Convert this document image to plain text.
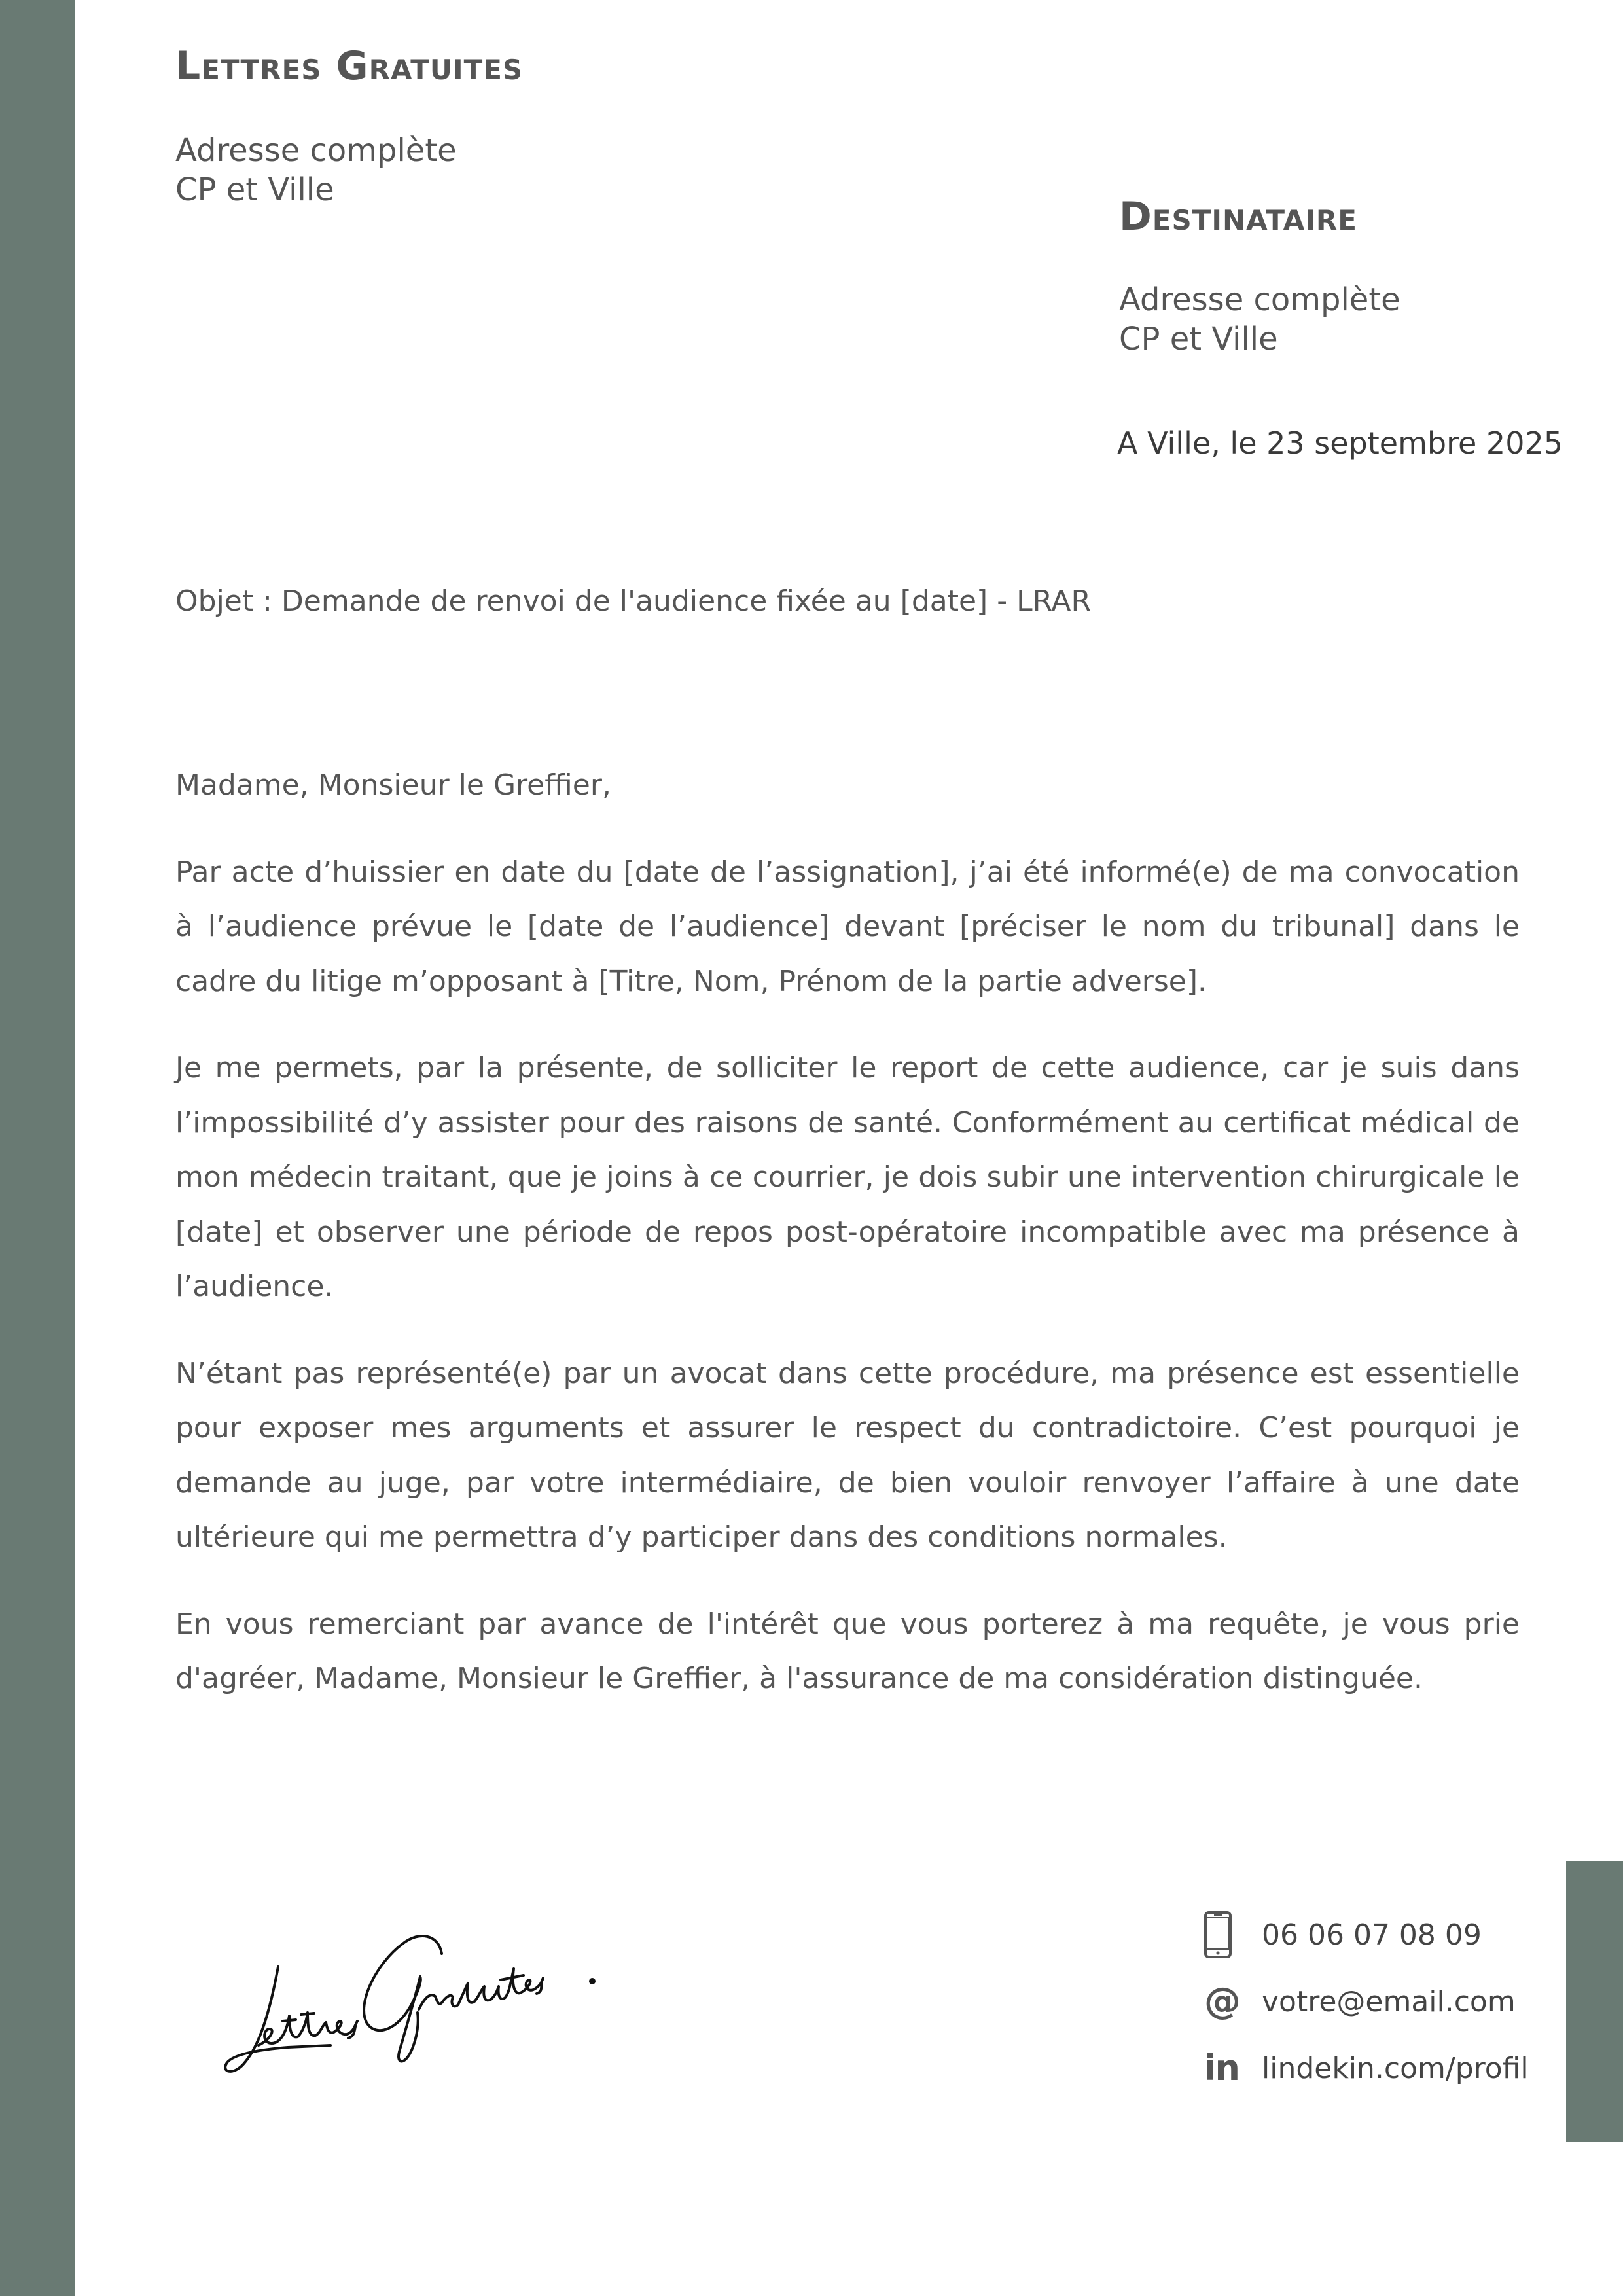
Lettres Gratuites
Adresse complète
CP et Ville
Destinataire
Adresse complète
CP et Ville
A Ville, le 23 septembre 2025
Objet : Demande de renvoi de l'audience fixée au [date] - LRAR

Madame, Monsieur le Greffier,

Par acte d’huissier en date du [date de l’assignation], j’ai été informé(e) de ma convocation à l’audience prévue le [date de l’audience] devant [préciser le nom du tribunal] dans le cadre du litige m’opposant à [Titre, Nom, Prénom de la partie adverse].

Je me permets, par la présente, de solliciter le report de cette audience, car je suis dans l’impossibilité d’y assister pour des raisons de santé. Conformément au certificat médical de mon médecin traitant, que je joins à ce courrier, je dois subir une intervention chirurgicale le [date] et observer une période de repos post-opératoire incompatible avec ma présence à l’audience.

N’étant pas représenté(e) par un avocat dans cette procédure, ma présence est essentielle pour exposer mes arguments et assurer le respect du contradictoire. C’est pourquoi je demande au juge, par votre intermédiaire, de bien vouloir renvoyer l’affaire à une date ultérieure qui me permettra d’y participer dans des conditions normales.

En vous remerciant par avance de l'intérêt que vous porterez à ma requête, je vous prie d'agréer, Madame, Monsieur le Greffier, à l'assurance de ma considération distinguée.

06 06 07 08 09
@ votre@email.com
in lindekin.com/profil
